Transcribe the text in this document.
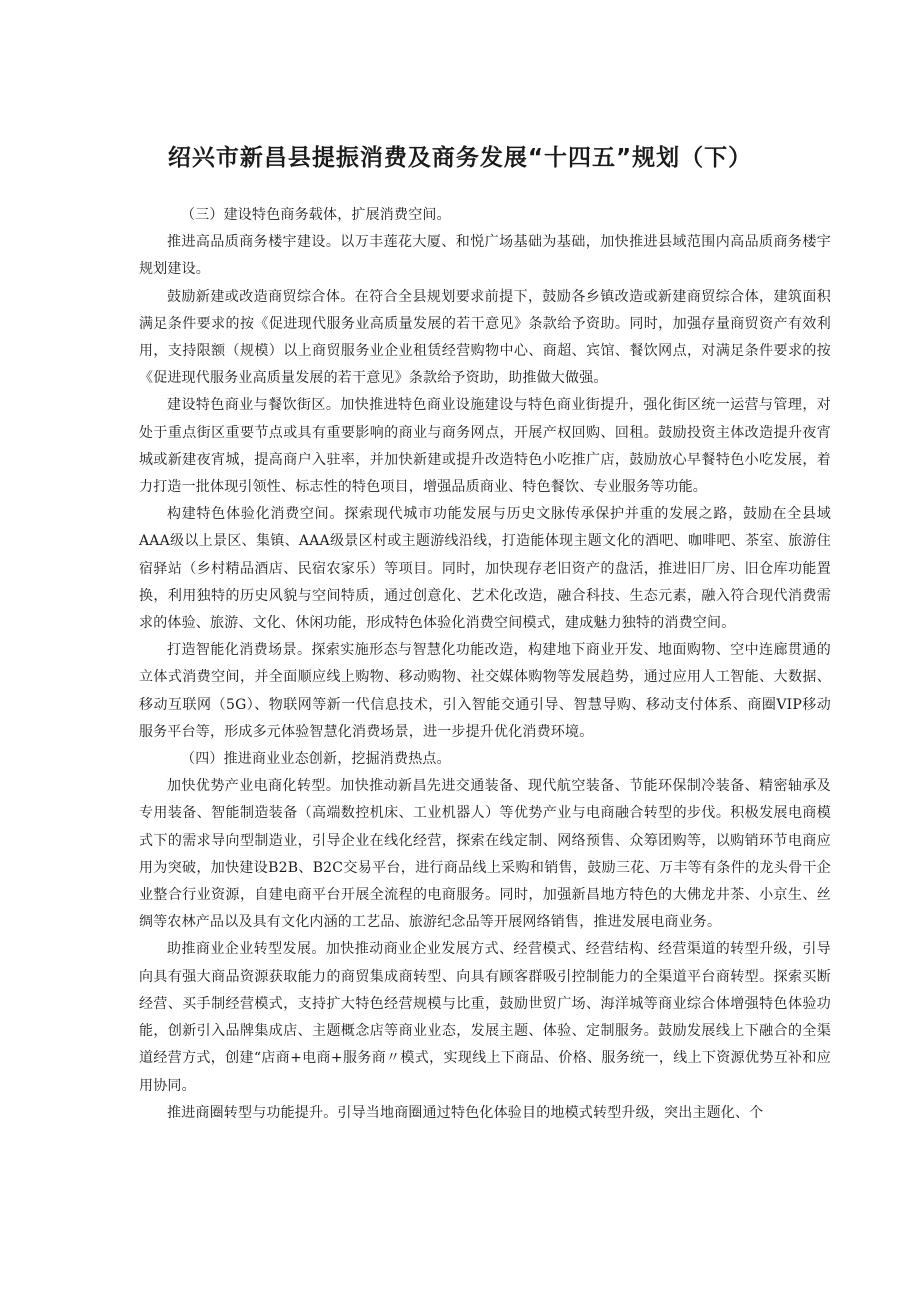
绍兴市新昌县提振消费及商务发展“十四五”规划（下）

（三）建设特色商务载体，扩展消费空间。

推进高品质商务楼宇建设。以万丰莲花大厦、和悦广场基础为基础，加快推进县域范围内高品质商务楼宇规划建设。

鼓励新建或改造商贸综合体。在符合全县规划要求前提下，鼓励各乡镇改造或新建商贸综合体，建筑面积满足条件要求的按《促进现代服务业高质量发展的若干意见》条款给予资助。同时，加强存量商贸资产有效利用，支持限额（规模）以上商贸服务业企业租赁经营购物中心、商超、宾馆、餐饮网点，对满足条件要求的按《促进现代服务业高质量发展的若干意见》条款给予资助，助推做大做强。

建设特色商业与餐饮街区。加快推进特色商业设施建设与特色商业街提升，强化街区统一运营与管理，对处于重点街区重要节点或具有重要影响的商业与商务网点，开展产权回购、回租。鼓励投资主体改造提升夜宵城或新建夜宵城，提高商户入驻率，并加快新建或提升改造特色小吃推广店，鼓励放心早餐特色小吃发展，着力打造一批体现引领性、标志性的特色项目，增强品质商业、特色餐饮、专业服务等功能。

构建特色体验化消费空间。探索现代城市功能发展与历史文脉传承保护并重的发展之路，鼓励在全县域AAA级以上景区、集镇、AAA级景区村或主题游线沿线，打造能体现主题文化的酒吧、咖啡吧、茶室、旅游住宿驿站（乡村精品酒店、民宿农家乐）等项目。同时，加快现存老旧资产的盘活，推进旧厂房、旧仓库功能置换，利用独特的历史风貌与空间特质，通过创意化、艺术化改造，融合科技、生态元素，融入符合现代消费需求的体验、旅游、文化、休闲功能，形成特色体验化消费空间模式，建成魅力独特的消费空间。

打造智能化消费场景。探索实施形态与智慧化功能改造，构建地下商业开发、地面购物、空中连廊贯通的立体式消费空间，并全面顺应线上购物、移动购物、社交媒体购物等发展趋势，通过应用人工智能、大数据、移动互联网（5G）、物联网等新一代信息技术，引入智能交通引导、智慧导购、移动支付体系、商圈VIP移动服务平台等，形成多元体验智慧化消费场景，进一步提升优化消费环境。

（四）推进商业业态创新，挖掘消费热点。

加快优势产业电商化转型。加快推动新昌先进交通装备、现代航空装备、节能环保制冷装备、精密轴承及专用装备、智能制造装备（高端数控机床、工业机器人）等优势产业与电商融合转型的步伐。积极发展电商模式下的需求导向型制造业，引导企业在线化经营，探索在线定制、网络预售、众筹团购等，以购销环节电商应用为突破，加快建设B2B、B2C交易平台，进行商品线上采购和销售，鼓励三花、万丰等有条件的龙头骨干企业整合行业资源，自建电商平台开展全流程的电商服务。同时，加强新昌地方特色的大佛龙井茶、小京生、丝绸等农林产品以及具有文化内涵的工艺品、旅游纪念品等开展网络销售，推进发展电商业务。

助推商业企业转型发展。加快推动商业企业发展方式、经营模式、经营结构、经营渠道的转型升级，引导向具有强大商品资源获取能力的商贸集成商转型、向具有顾客群吸引控制能力的全渠道平台商转型。探索买断经营、买手制经营模式，支持扩大特色经营规模与比重，鼓励世贸广场、海洋城等商业综合体增强特色体验功能，创新引入品牌集成店、主题概念店等商业业态，发展主题、体验、定制服务。鼓励发展线上下融合的全渠道经营方式，创建“店商+电商+服务商〃模式，实现线上下商品、价格、服务统一，线上下资源优势互补和应用协同。

推进商圈转型与功能提升。引导当地商圈通过特色化体验目的地模式转型升级，突出主题化、个
